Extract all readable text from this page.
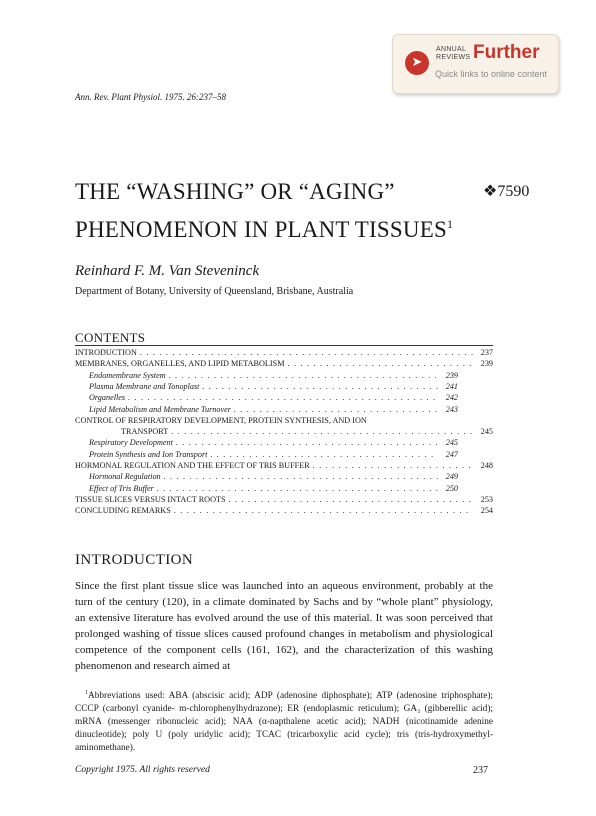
➤
ANNUAL
REVIEWS Further
Quick links to online content
Ann. Rev. Plant Physiol. 1975. 26:237–58
THE “WASHING” OR “AGING”
PHENOMENON IN PLANT TISSUES$^1$
❖7590
Reinhard F. M. Van Steveninck
Department of Botany, University of Queensland, Brisbane, Australia
CONTENTS
INTRODUCTION . . .	237
MEMBRANES, ORGANELLES, AND LIPID METABOLISM . . .	239
Endomembrane System . . .	239
Plasma Membrane and Tonoplast . . .	241
Organelles . . .	242
Lipid Metabolism and Membrane Turnover . . .	243
CONTROL OF RESPIRATORY DEVELOPMENT, PROTEIN SYNTHESIS, AND ION
TRANSPORT . . .	245
Respiratory Development . . .	245
Protein Synthesis and Ion Transport . . .	247
HORMONAL REGULATION AND THE EFFECT OF TRIS BUFFER . . .	248
Hormonal Regulation . . .	249
Effect of Tris Buffer . . .	250
TISSUE SLICES VERSUS INTACT ROOTS . . .	253
CONCLUDING REMARKS . . .	254
INTRODUCTION
Since the first plant tissue slice was launched into an aqueous environment, probably at the turn of the century (120), in a climate dominated by Sachs and by “whole plant” physiology, an extensive literature has evolved around the use of this material. It was soon perceived that prolonged washing of tissue slices caused profound changes in metabolism and physiological competence of the component cells (161, 162), and the characterization of this washing phenomenon and research aimed at
$^1$Abbreviations used: ABA (abscisic acid); ADP (adenosine diphosphate); ATP (adenosine triphosphate); CCCP (carbonyl cyanide- m-chlorophenylhydrazone); ER (endoplasmic reticulum); GA₃ (gibberellic acid); mRNA (messenger ribonucleic acid); NAA (α-napthalene acetic acid); NADH (nicotinamide adenine dinucleotide); poly U (poly uridylic acid); TCAC (tricarboxylic acid cycle); tris (tris-hydroxymethyl-aminomethane).
Copyright 1975. All rights reserved	237
